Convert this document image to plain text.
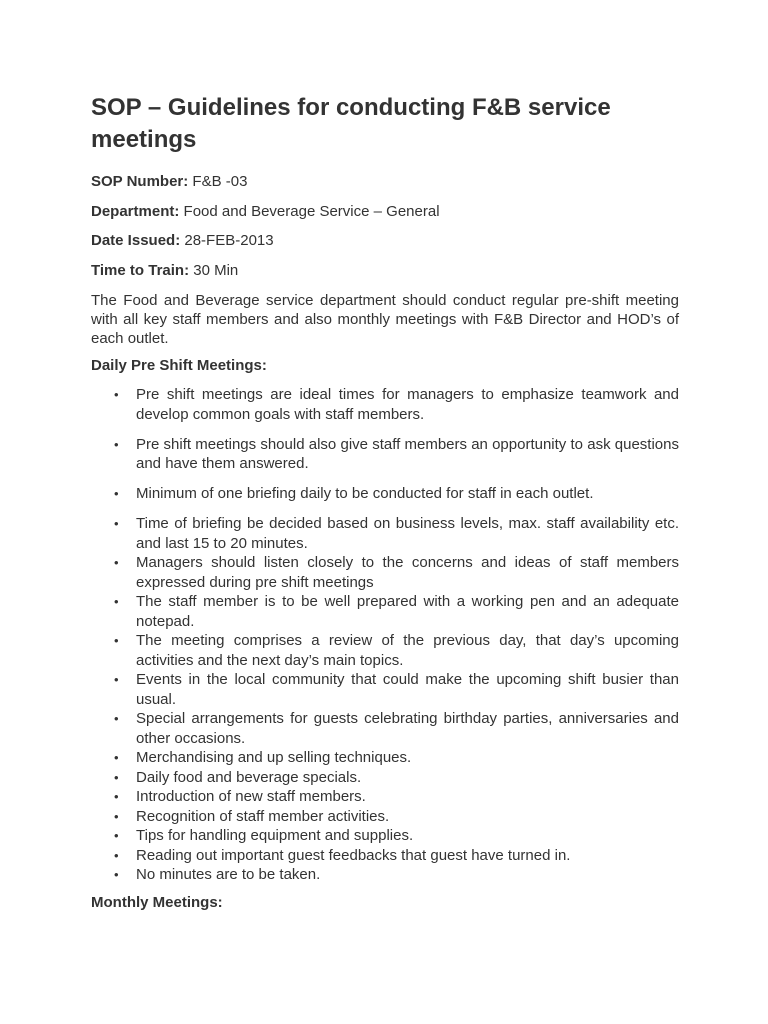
SOP – Guidelines for conducting F&B service meetings
SOP Number: F&B -03
Department: Food and Beverage Service – General
Date Issued: 28-FEB-2013
Time to Train: 30 Min

The Food and Beverage service department should conduct regular pre-shift meeting with all key staff members and also monthly meetings with F&B Director and HOD’s of each outlet.

Daily Pre Shift Meetings:
• Pre shift meetings are ideal times for managers to emphasize teamwork and develop common goals with staff members.
• Pre shift meetings should also give staff members an opportunity to ask questions and have them answered.
• Minimum of one briefing daily to be conducted for staff in each outlet.
• Time of briefing be decided based on business levels, max. staff availability etc. and last 15 to 20 minutes.
• Managers should listen closely to the concerns and ideas of staff members expressed during pre shift meetings
• The staff member is to be well prepared with a working pen and an adequate notepad.
• The meeting comprises a review of the previous day, that day’s upcoming activities and the next day’s main topics.
• Events in the local community that could make the upcoming shift busier than usual.
• Special arrangements for guests celebrating birthday parties, anniversaries and other occasions.
• Merchandising and up selling techniques.
• Daily food and beverage specials.
• Introduction of new staff members.
• Recognition of staff member activities.
• Tips for handling equipment and supplies.
• Reading out important guest feedbacks that guest have turned in.
• No minutes are to be taken.
Monthly Meetings:
